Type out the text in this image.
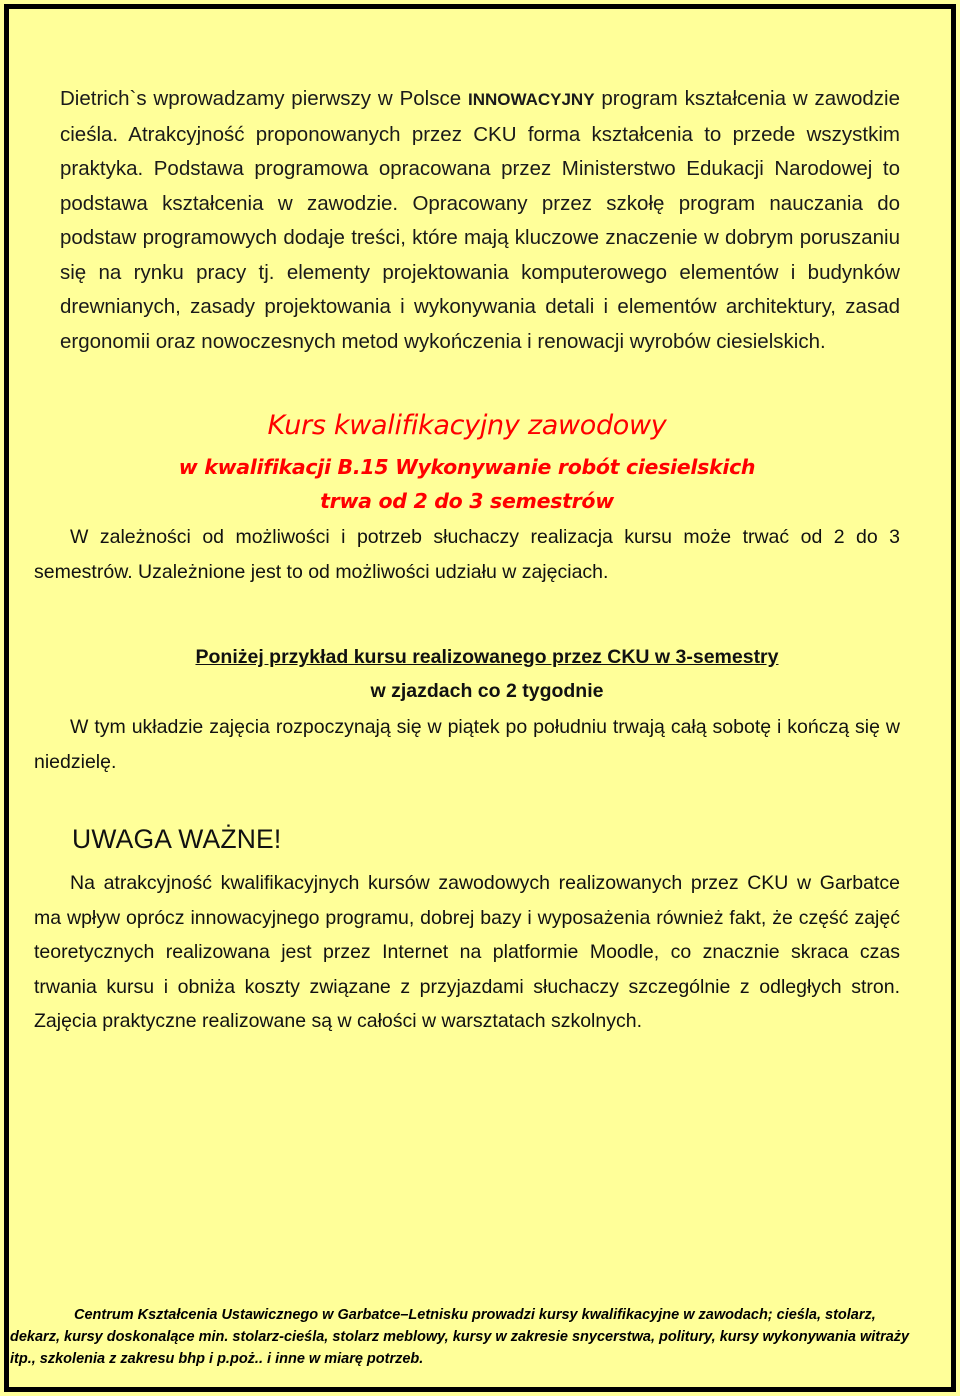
Dietrich`s wprowadzamy pierwszy w Polsce INNOWACYJNY program kształcenia w zawodzie cieśla. Atrakcyjność proponowanych przez CKU forma kształcenia to przede wszystkim praktyka. Podstawa programowa opracowana przez Ministerstwo Edukacji Narodowej to podstawa kształcenia w zawodzie. Opracowany przez szkołę program nauczania do podstaw programowych dodaje treści, które mają kluczowe znaczenie w dobrym poruszaniu się na rynku pracy tj. elementy projektowania komputerowego elementów i budynków drewnianych, zasady projektowania i wykonywania detali i elementów architektury, zasad ergonomii oraz nowoczesnych metod wykończenia i renowacji wyrobów ciesielskich.
Kurs kwalifikacyjny zawodowy
w kwalifikacji B.15 Wykonywanie robót ciesielskich
trwa od 2 do 3 semestrów
W zależności od możliwości i potrzeb słuchaczy realizacja kursu może trwać od 2 do 3 semestrów. Uzależnione jest to od możliwości udziału w zajęciach.
Poniżej przykład kursu realizowanego przez CKU w 3-semestry
w zjazdach co 2 tygodnie
W tym układzie zajęcia rozpoczynają się w piątek po południu trwają całą sobotę i kończą się w niedzielę.
UWAGA WAŻNE!
Na atrakcyjność kwalifikacyjnych kursów zawodowych realizowanych przez CKU w Garbatce ma wpływ oprócz innowacyjnego programu, dobrej bazy i wyposażenia również fakt, że część zajęć teoretycznych realizowana jest przez Internet na platformie Moodle, co znacznie skraca czas trwania kursu i obniża koszty związane z przyjazdami słuchaczy szczególnie z odległych stron. Zajęcia praktyczne realizowane są w całości w warsztatach szkolnych.
Centrum Kształcenia Ustawicznego w Garbatce–Letnisku prowadzi kursy kwalifikacyjne w zawodach; cieśla, stolarz,
dekarz, kursy doskonalące min. stolarz-cieśla, stolarz meblowy, kursy w zakresie snycerstwa, politury, kursy wykonywania witraży itp., szkolenia z zakresu bhp i p.poż.. i inne w miarę potrzeb.
